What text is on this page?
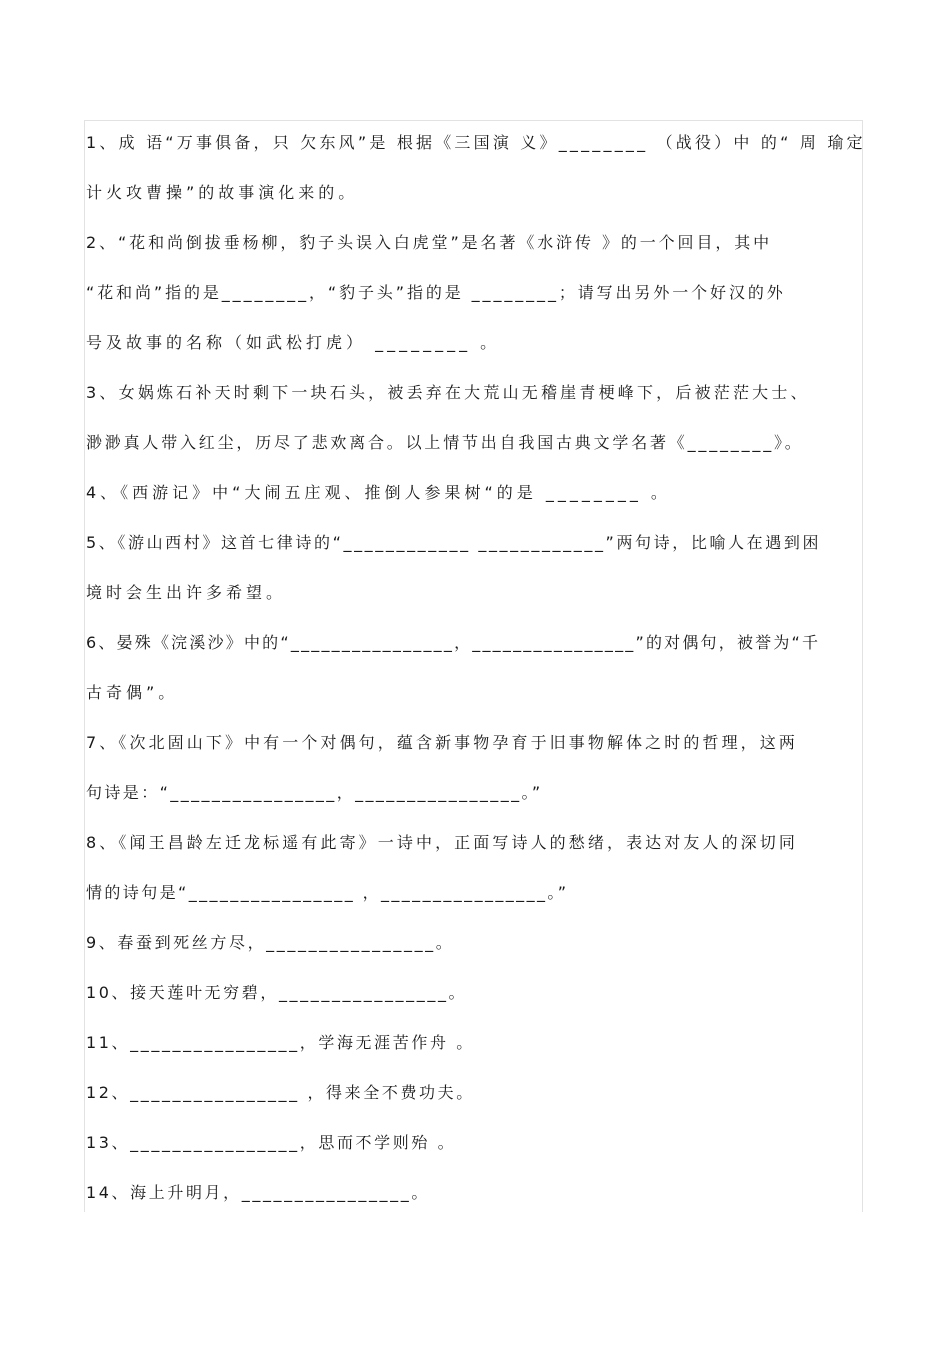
1、成 语“万事俱备，只 欠东风”是 根据《三国演 义》________ （战役）中 的“ 周 瑜定
计火攻曹操”的故事演化来的。
2、“花和尚倒拔垂杨柳，豹子头误入白虎堂”是名著《水浒传 》的一个回目，其中
“花和尚”指的是________，“豹子头”指的是 ________；请写出另外一个好汉的外
号及故事的名称（如武松打虎） ________ 。
3、女娲炼石补天时剩下一块石头，被丢弃在大荒山无稽崖青梗峰下，后被茫茫大士、
渺渺真人带入红尘，历尽了悲欢离合。以上情节出自我国古典文学名著《________》。
4、《西游记》中“大闹五庄观、推倒人参果树“的是 ________ 。
5、《游山西村》这首七律诗的“____________ ____________”两句诗，比喻人在遇到困
境时会生出许多希望。
6、晏殊《浣溪沙》中的“________________，________________”的对偶句，被誉为“千
古奇偶”。
7、《次北固山下》中有一个对偶句，蕴含新事物孕育于旧事物解体之时的哲理，这两
句诗是：“________________，________________。”
8、《闻王昌龄左迁龙标遥有此寄》一诗中，正面写诗人的愁绪，表达对友人的深切同
情的诗句是“________________ ，________________。”
9、春蚕到死丝方尽，________________。
10、接天莲叶无穷碧，________________。
11、________________，学海无涯苦作舟 。
12、________________ ，得来全不费功夫。
13、________________，思而不学则殆 。
14、海上升明月，________________。
